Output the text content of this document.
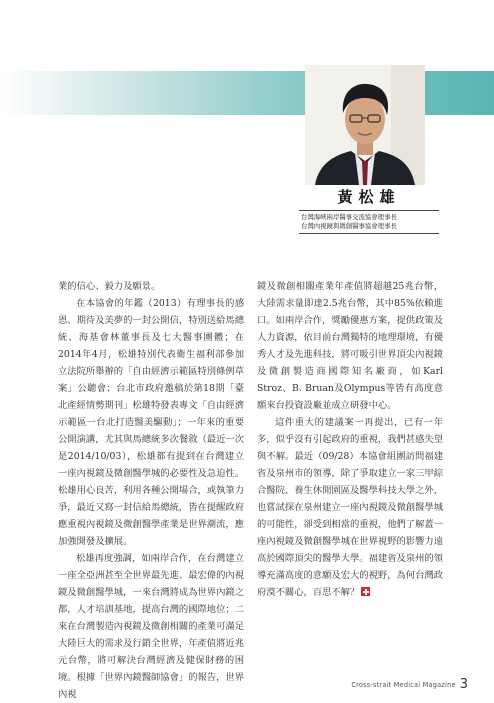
黃松雄
台灣海峽兩岸醫事交流協會理事長
台灣內視鏡與微創醫事協會理事長

業的信心、毅力及願景。

在本協會的年鑑（2013）有理事長的感恩、期待及美夢的一封公開信，特別送給馬總統、海基會林董事長及七大醫事團體；在2014年4月，松雄特別代表衛生福利部參加立法院所舉辦的「自由經濟示範區特別條例草案」公聽會；台北市政府邀稿於第18期「臺北產經情勢期刊」松雄特發表專文「自由經濟示範區一台北打造醫美驅動」；一年來的重要公開演講，尤其與馬總統多次餐敘（最近一次是2014/10/03），松雄都有提到在台灣建立一座內視鏡及微創醫學城的必要性及急迫性。松雄用心良苦，利用各種公開場合，或執筆力爭，最近又寫一封信給馬總統，皆在提醒政府應重視內視鏡及微創醫學產業是世界潮流，應加強開發及擴展。

松雄再度強調，如兩岸合作，在台灣建立一座全亞洲甚至全世界最先進、最宏偉的內視鏡及微創醫學城，一來台灣將成為世界內鏡之都，人才培訓基地，提高台灣的國際地位；二來在台灣製造內視鏡及微創相關的產業可滿足大陸巨大的需求及行銷全世界，年產值將近兆元台幣，將可解決台灣經濟及健保財務的困境。根據「世界內鏡醫師協會」的報告，世界內視

鏡及微創相關產業年產值將超越25兆台幣，大陸需求量即達2.5兆台幣，其中85%依賴進口。如兩岸合作，獎勵優惠方案，提供政策及人力資源，依目前台灣獨特的地理環境，有優秀人才及先進科技，將可吸引世界頂尖內視鏡及微創製造商國際知名廠商，如Karl Stroz、B. Bruan及Olympus等皆有高度意願來台投資設廠並成立研發中心。

這件重大的建議案一再提出，已有一年多，似乎沒有引起政府的重視，我們甚感失望與不解。最近（09/28）本協會組團訪問福建省及泉州市的領導，除了爭取建立一家三甲綜合醫院、養生休閒園區及醫學科技大學之外，也嘗試探在泉州建立一座內視鏡及微創醫學城的可能性，卻受到相當的重視，他們了解蓋一座內視鏡及微創醫學城在世界視野的影響力遠高於國際頂尖的醫學大學。福建省及泉州的領導充滿高度的意願及宏大的視野，為何台灣政府漠不關心，百思不解？

Cross-strait Medical Magazine 3
